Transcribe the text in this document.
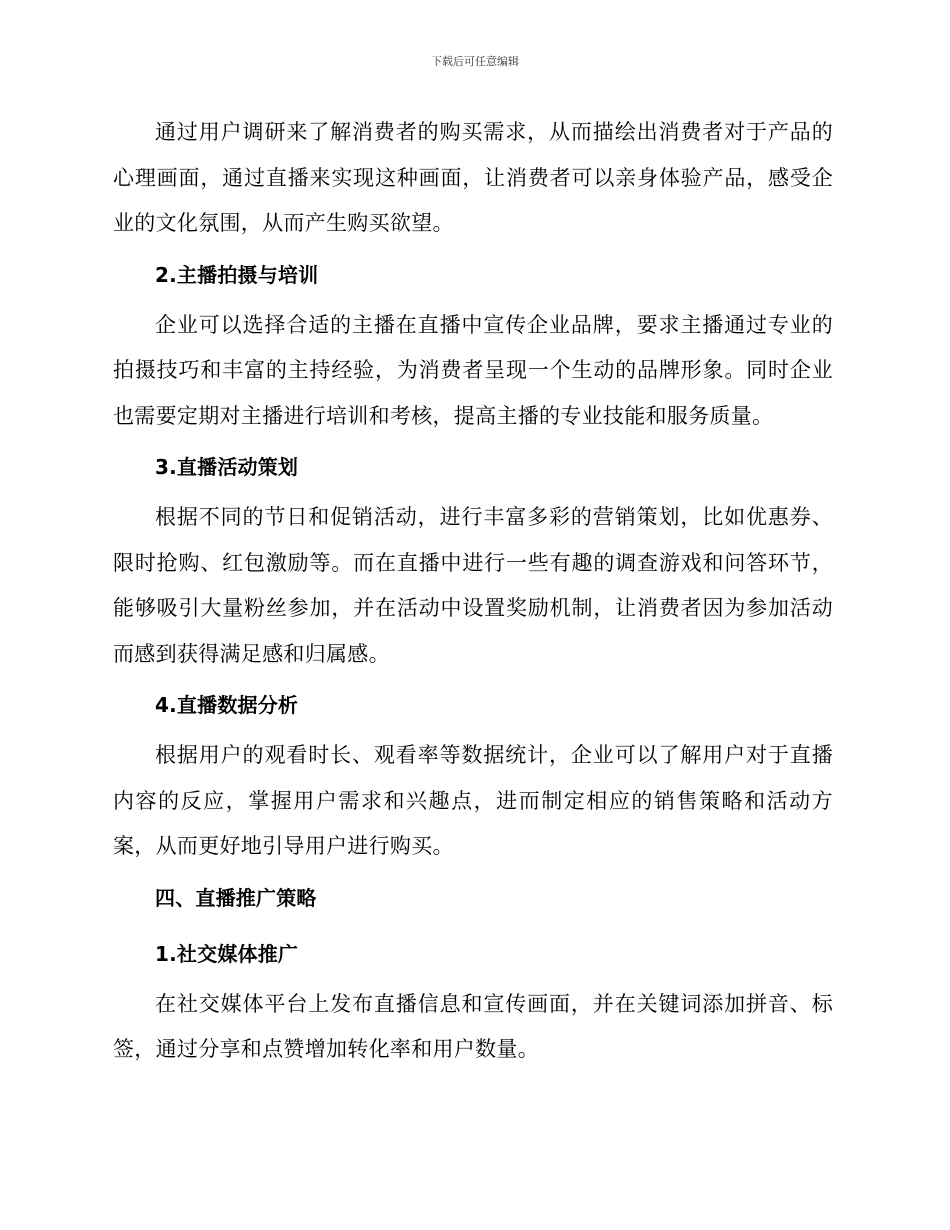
下载后可任意编辑

通过用户调研来了解消费者的购买需求，从而描绘出消费者对于产品的心理画面，通过直播来实现这种画面，让消费者可以亲身体验产品，感受企业的文化氛围，从而产生购买欲望。

2.主播拍摄与培训

企业可以选择合适的主播在直播中宣传企业品牌，要求主播通过专业的拍摄技巧和丰富的主持经验，为消费者呈现一个生动的品牌形象。同时企业也需要定期对主播进行培训和考核，提高主播的专业技能和服务质量。

3.直播活动策划

根据不同的节日和促销活动，进行丰富多彩的营销策划，比如优惠券、限时抢购、红包激励等。而在直播中进行一些有趣的调查游戏和问答环节，能够吸引大量粉丝参加，并在活动中设置奖励机制，让消费者因为参加活动而感到获得满足感和归属感。

4.直播数据分析

根据用户的观看时长、观看率等数据统计，企业可以了解用户对于直播内容的反应，掌握用户需求和兴趣点，进而制定相应的销售策略和活动方案，从而更好地引导用户进行购买。

四、直播推广策略

1.社交媒体推广

在社交媒体平台上发布直播信息和宣传画面，并在关键词添加拼音、标签，通过分享和点赞增加转化率和用户数量。
